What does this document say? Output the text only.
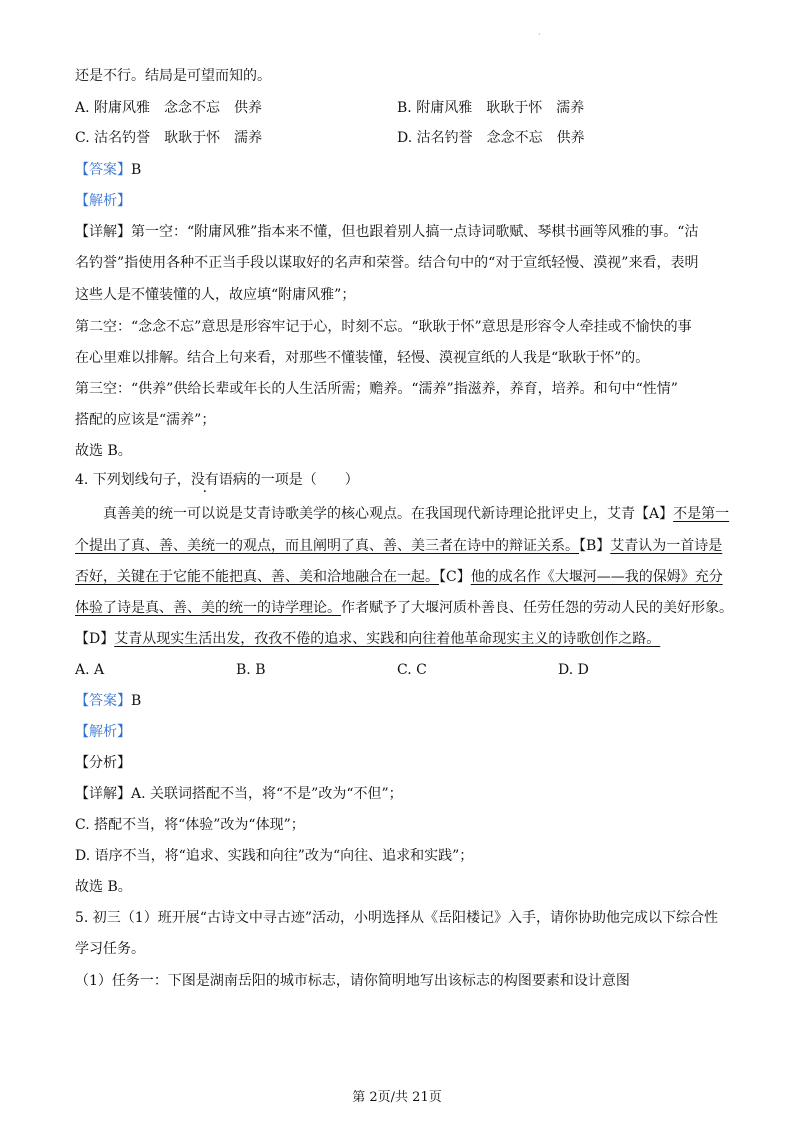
·
还是不行。结局是可望而知的。
A. 附庸风雅　念念不忘　供养	B. 附庸风雅　耿耿于怀　濡养
C. 沽名钓誉　耿耿于怀　濡养	D. 沽名钓誉　念念不忘　供养
【答案】B
【解析】
【详解】第一空：“附庸风雅”指本来不懂，但也跟着别人搞一点诗词歌赋、琴棋书画等风雅的事。“沽
名钓誉”指使用各种不正当手段以谋取好的名声和荣誉。结合句中的“对于宣纸轻慢、漠视”来看，表明
这些人是不懂装懂的人，故应填“附庸风雅”；
第二空：“念念不忘”意思是形容牢记于心，时刻不忘。“耿耿于怀”意思是形容令人牵挂或不愉快的事
在心里难以排解。结合上句来看，对那些不懂装懂，轻慢、漠视宣纸的人我是“耿耿于怀”的。
第三空：“供养”供给长辈或年长的人生活所需；赡养。“濡养”指滋养，养育，培养。和句中“性情”
搭配的应该是“濡养”；
故选 B。
4. 下列划线句子，没有语病的一项是（　　）
真善美的统一可以说是艾青诗歌美学的核心观点。在我国现代新诗理论批评史上，艾青【A】不是第一
个提出了真、善、美统一的观点，而且阐明了真、善、美三者在诗中的辩证关系。【B】艾青认为一首诗是
否好，关键在于它能不能把真、善、美和洽地融合在一起。【C】他的成名作《大堰河——我的保姆》充分
体验了诗是真、善、美的统一的诗学理论。作者赋予了大堰河质朴善良、任劳任怨的劳动人民的美好形象。
【D】艾青从现实生活出发，孜孜不倦的追求、实践和向往着他革命现实主义的诗歌创作之路。
A. A	B. B	C. C	D. D
【答案】B
【解析】
【分析】
【详解】A. 关联词搭配不当，将“不是”改为“不但”；
C. 搭配不当，将“体验”改为“体现”；
D. 语序不当，将“追求、实践和向往”改为“向往、追求和实践”；
故选 B。
5. 初三（1）班开展“古诗文中寻古迹”活动，小明选择从《岳阳楼记》入手，请你协助他完成以下综合性
学习任务。
（1）任务一：下图是湖南岳阳的城市标志，请你简明地写出该标志的构图要素和设计意图
第 2页/共 21页
